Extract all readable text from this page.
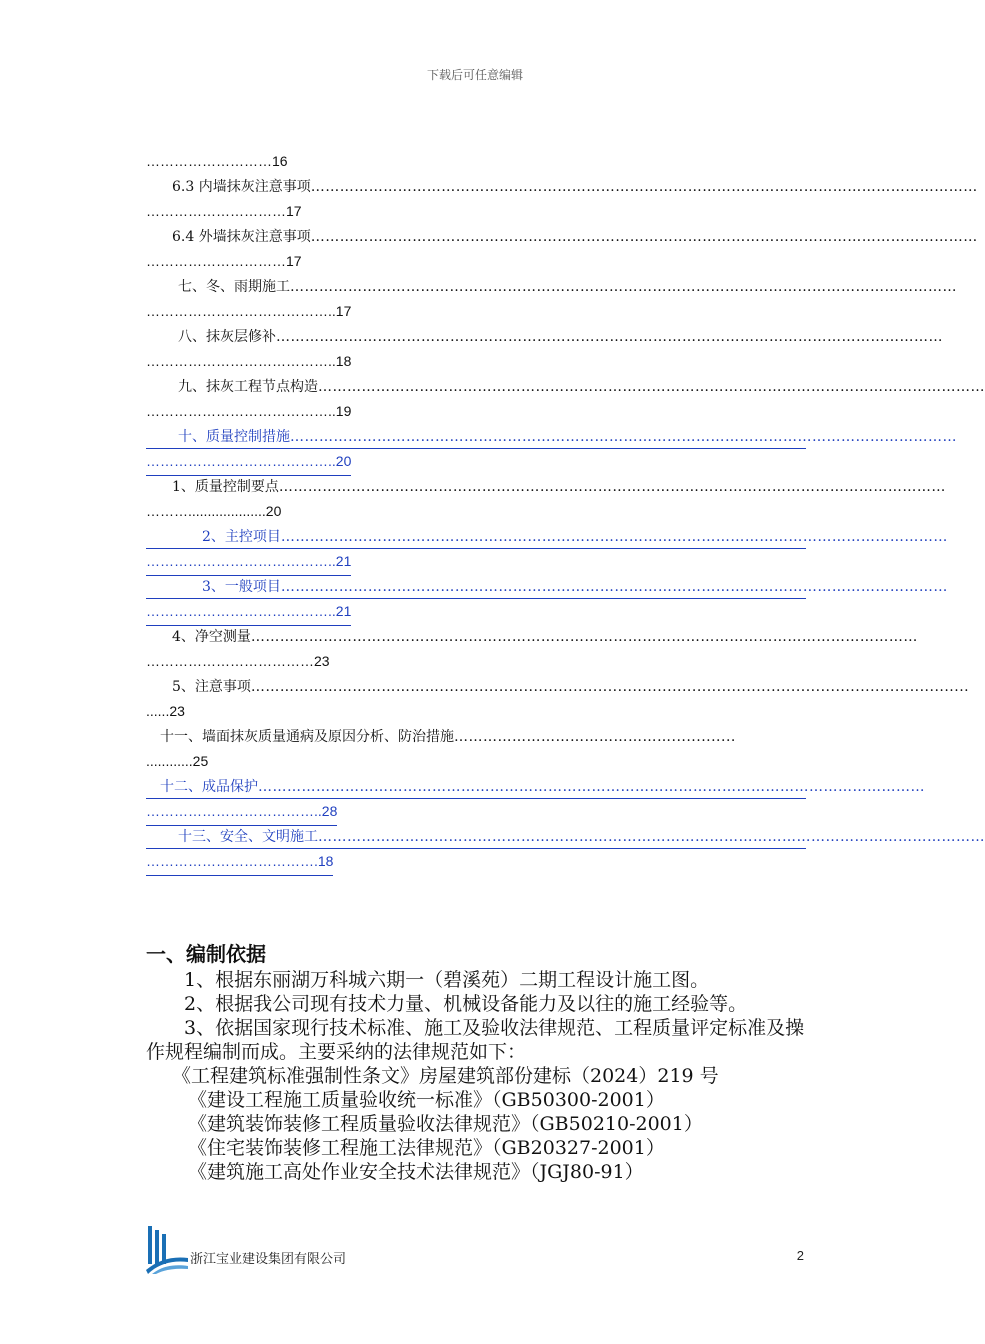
下载后可任意编辑
………………………16
6.3 内墙抹灰注意事项…………………………………………………………………………………………………………………………
…………………………17
6.4 外墙抹灰注意事项…………………………………………………………………………………………………………………………
…………………………17
七、冬、雨期施工…………………………………………………………………………………………………………………………
…………………………………..17
八、抹灰层修补…………………………………………………………………………………………………………………………
…………………………………..18
九、抹灰工程节点构造…………………………………………………………………………………………………………………………
…………………………………..19
十、质量控制措施…………………………………………………………………………………………………………………………
…………………………………..20
1、质量控制要点…………………………………………………………………………………………………………………………
………....................20
2、主控项目…………………………………………………………………………………………………………………………
…………………………………..21
3、一般项目…………………………………………………………………………………………………………………………
…………………………………..21
4、净空测量…………………………………………………………………………………………………………………………
………………………………23
5、注意事项…………………………………...........................................................................................................
......23
十一、墙面抹灰质量通病及原因分析、防治措施……………………………………….............
............25
十二、成品保护…………………………………………………………………………………………………………………………
………………………………..28
十三、安全、文明施工…………………………………………………………………………………………………………………………
……………………………….18
一、编制依据

1、根据东丽湖万科城六期一（碧溪苑）二期工程设计施工图。

2、根据我公司现有技术力量、机械设备能力及以往的施工经验等。

3、依据国家现行技术标准、施工及验收法律规范、工程质量评定标准及操作规程编制而成。主要采纳的法律规范如下：

《工程建筑标准强制性条文》房屋建筑部份建标（2024）219 号

《建设工程施工质量验收统一标准》（GB50300-2001）

《建筑装饰装修工程质量验收法律规范》（GB50210-2001）

《住宅装饰装修工程施工法律规范》（GB20327-2001）

《建筑施工高处作业安全技术法律规范》（JGJ80-91）

浙江宝业建设集团有限公司	2
